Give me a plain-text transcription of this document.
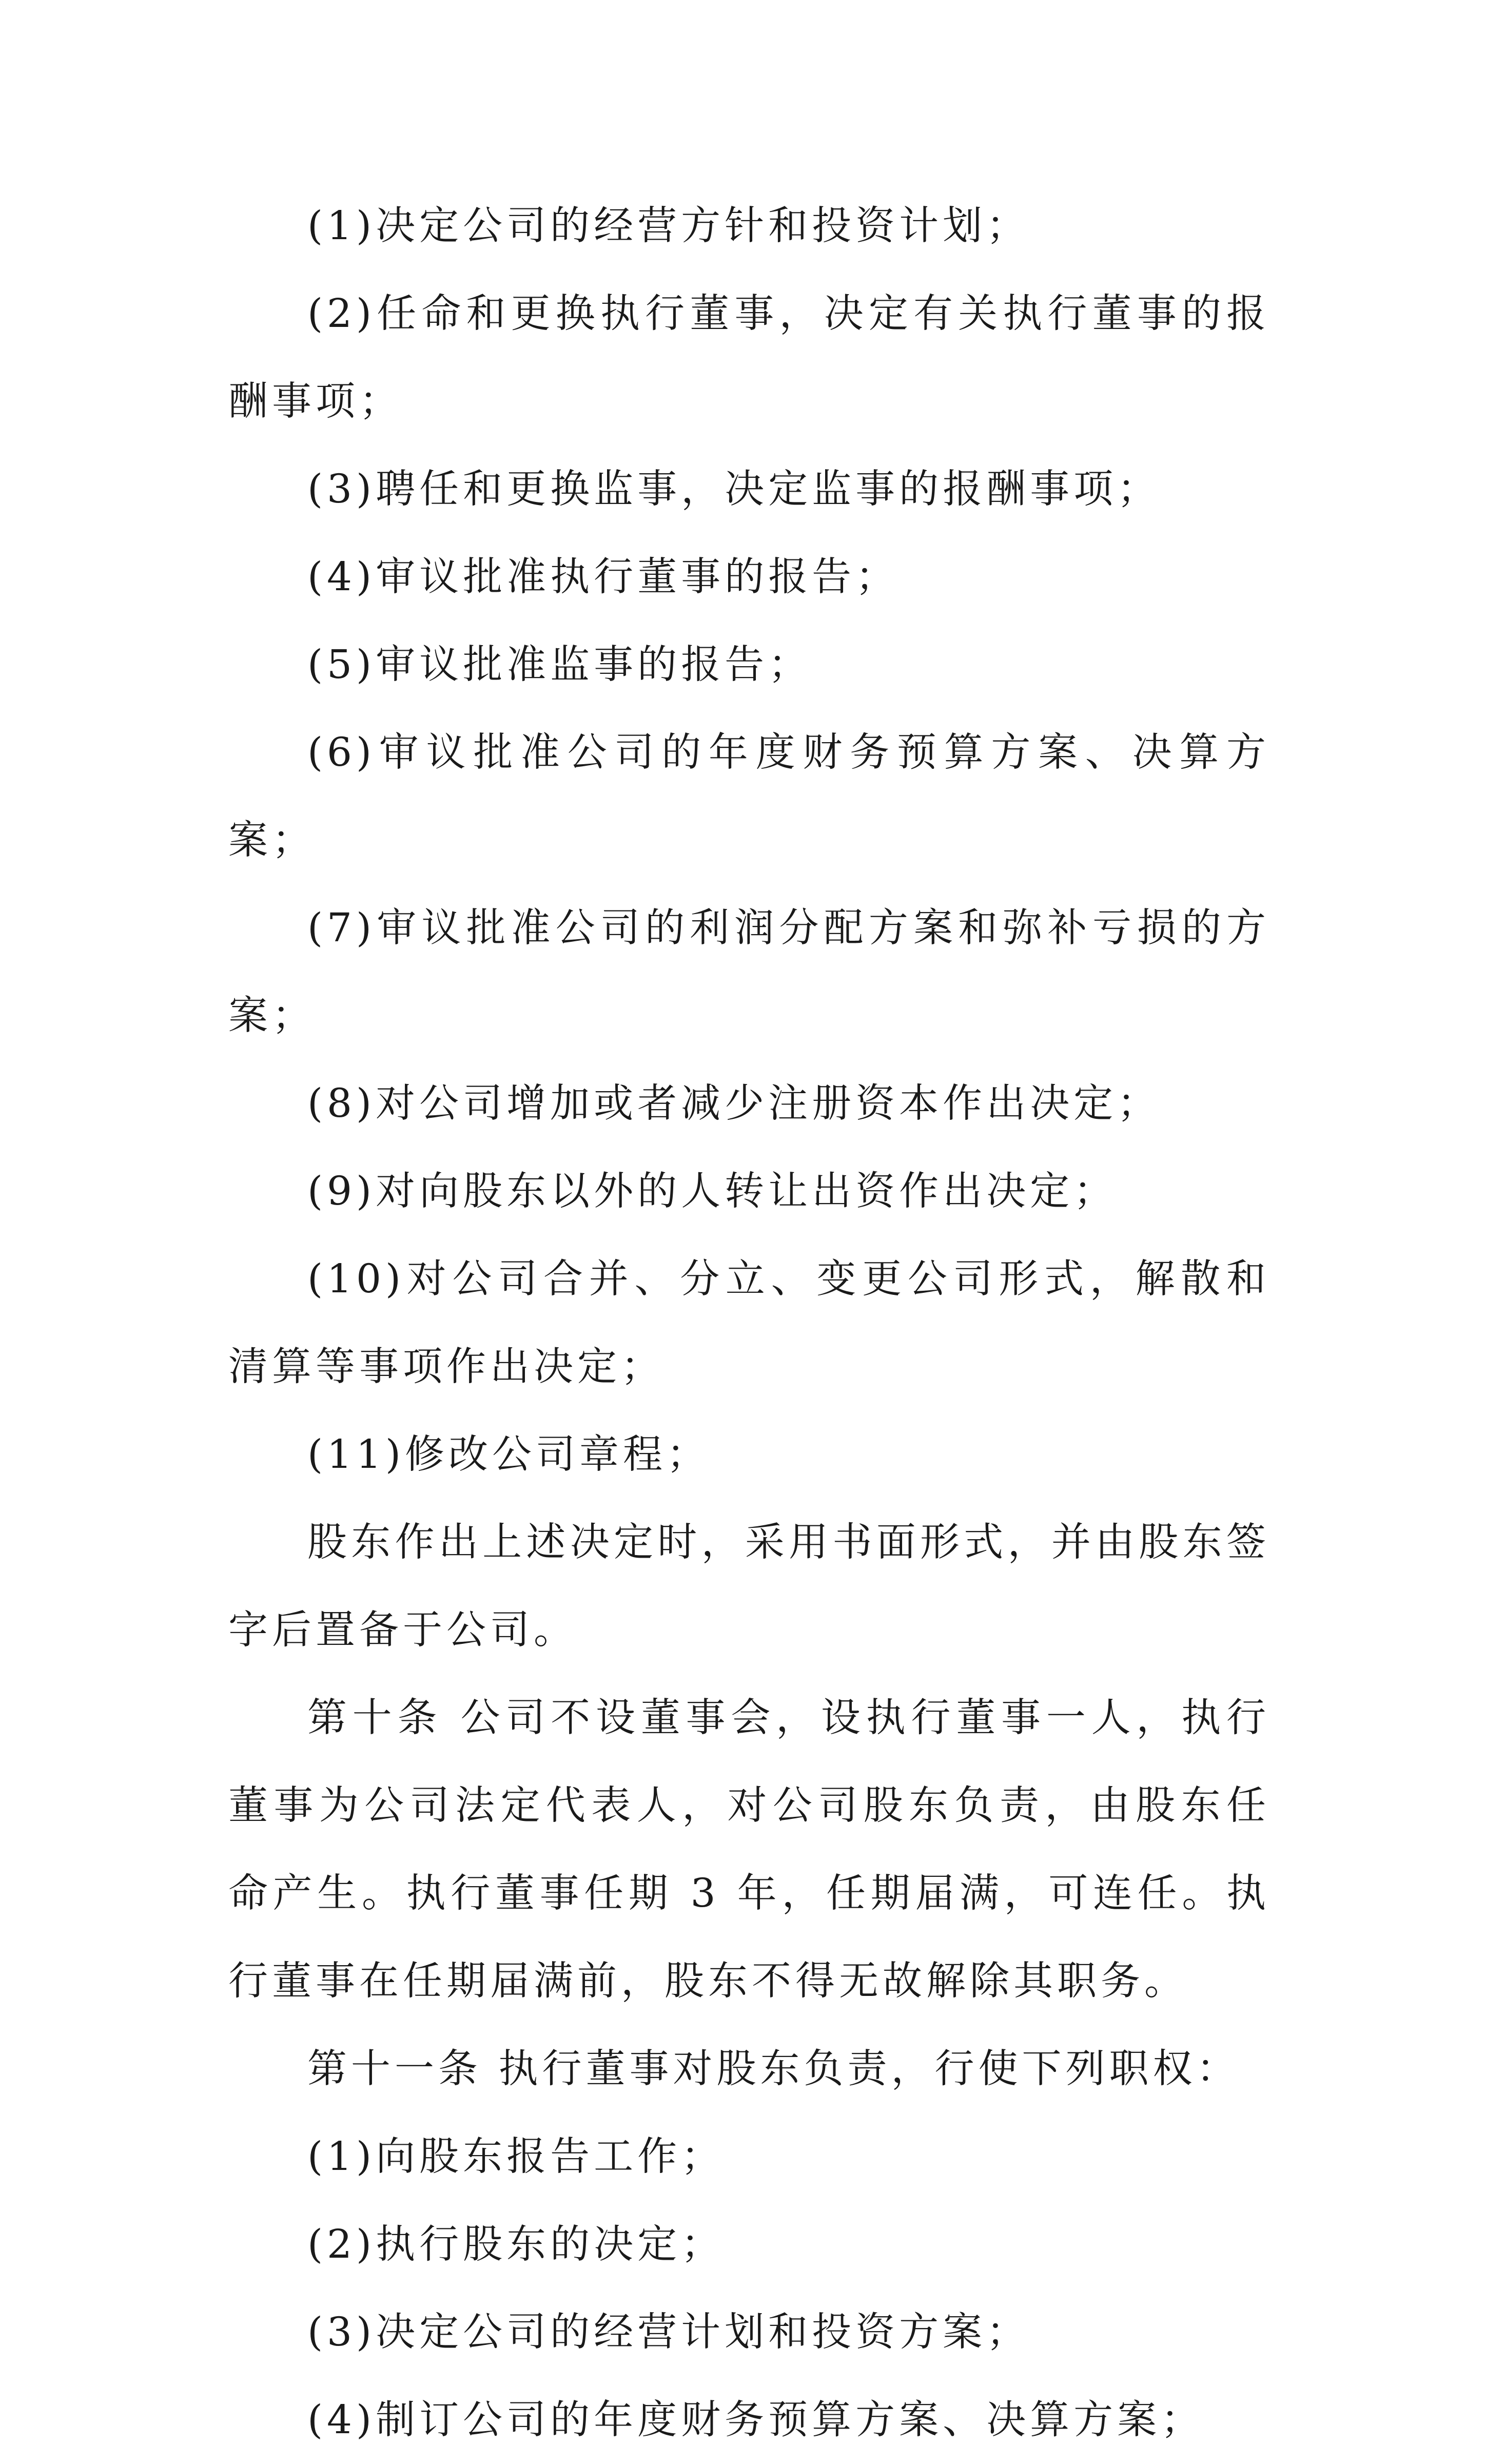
(1)决定公司的经营方针和投资计划；

(2)任命和更换执行董事，决定有关执行董事的报酬事项；

(3)聘任和更换监事，决定监事的报酬事项；

(4)审议批准执行董事的报告；

(5)审议批准监事的报告；

(6)审议批准公司的年度财务预算方案、决算方案；

(7)审议批准公司的利润分配方案和弥补亏损的方案；

(8)对公司增加或者减少注册资本作出决定；

(9)对向股东以外的人转让出资作出决定；

(10)对公司合并、分立、变更公司形式，解散和清算等事项作出决定；

(11)修改公司章程；

股东作出上述决定时，采用书面形式，并由股东签字后置备于公司。

第十条 公司不设董事会，设执行董事一人，执行董事为公司法定代表人，对公司股东负责，由股东任命产生。执行董事任期 3 年，任期届满，可连任。执行董事在任期届满前，股东不得无故解除其职务。

第十一条 执行董事对股东负责，行使下列职权：

(1)向股东报告工作；

(2)执行股东的决定；

(3)决定公司的经营计划和投资方案；

(4)制订公司的年度财务预算方案、决算方案；
